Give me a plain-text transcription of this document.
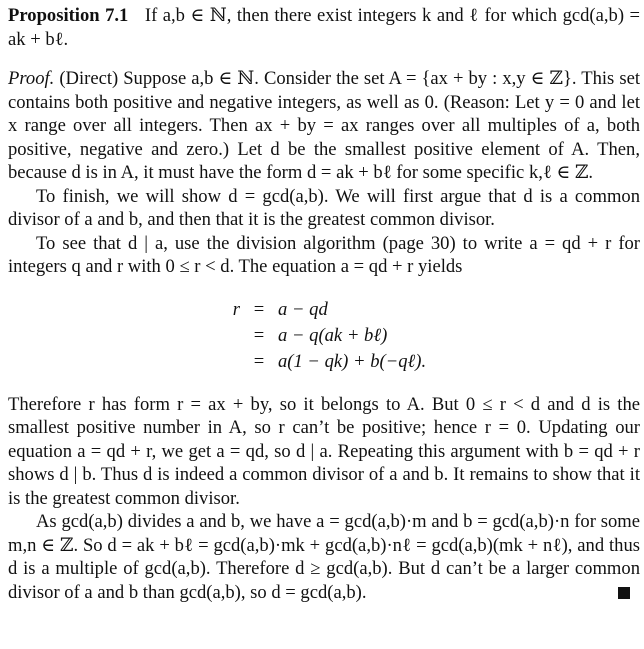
Proposition 7.1 If a,b ∈ ℕ, then there exist integers k and ℓ for which gcd(a,b) = ak + bℓ.

Proof. (Direct) Suppose a,b ∈ ℕ. Consider the set A = {ax + by : x,y ∈ ℤ}. This set contains both positive and negative integers, as well as 0. (Reason: Let y = 0 and let x range over all integers. Then ax + by = ax ranges over all multiples of a, both positive, negative and zero.) Let d be the smallest positive element of A. Then, because d is in A, it must have the form d = ak + bℓ for some specific k,ℓ ∈ ℤ.

To finish, we will show d = gcd(a,b). We will first argue that d is a common divisor of a and b, and then that it is the greatest common divisor.

To see that d | a, use the division algorithm (page 30) to write a = qd + r for integers q and r with 0 ≤ r < d. The equation a = qd + r yields

r = a − qd
= a − q(ak + bℓ)
= a(1 − qk) + b(−qℓ).

Therefore r has form r = ax + by, so it belongs to A. But 0 ≤ r < d and d is the smallest positive number in A, so r can’t be positive; hence r = 0. Updating our equation a = qd + r, we get a = qd, so d | a. Repeating this argument with b = qd + r shows d | b. Thus d is indeed a common divisor of a and b. It remains to show that it is the greatest common divisor.

As gcd(a,b) divides a and b, we have a = gcd(a,b)·m and b = gcd(a,b)·n for some m,n ∈ ℤ. So d = ak + bℓ = gcd(a,b)·mk + gcd(a,b)·nℓ = gcd(a,b)(mk + nℓ), and thus d is a multiple of gcd(a,b). Therefore d ≥ gcd(a,b). But d can’t be a larger common divisor of a and b than gcd(a,b), so d = gcd(a,b).
